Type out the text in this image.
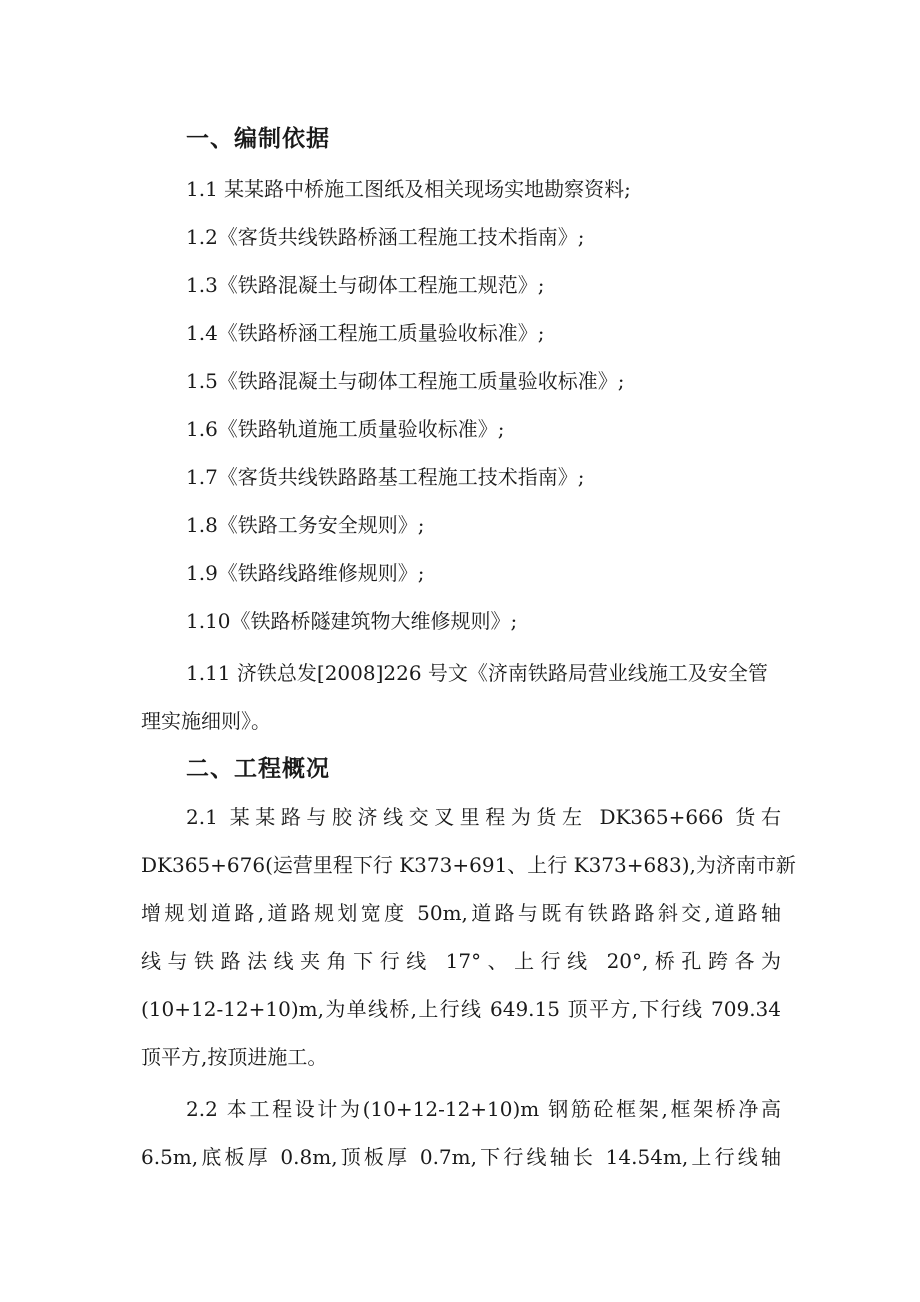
一、编制依据
1.1 某某路中桥施工图纸及相关现场实地勘察资料;
1.2《客货共线铁路桥涵工程施工技术指南》;
1.3《铁路混凝土与砌体工程施工规范》;
1.4《铁路桥涵工程施工质量验收标准》;
1.5《铁路混凝土与砌体工程施工质量验收标准》;
1.6《铁路轨道施工质量验收标准》;
1.7《客货共线铁路路基工程施工技术指南》;
1.8《铁路工务安全规则》;
1.9《铁路线路维修规则》;
1.10《铁路桥隧建筑物大维修规则》;
1.11 济铁总发[2008]226 号文《济南铁路局营业线施工及安全管
理实施细则》。
二、工程概况
2.1 某某路与胶济线交叉里程为货左 DK365+666 货右
DK365+676(运营里程下行 K373+691、上行 K373+683),为济南市新
增规划道路,道路规划宽度 50m,道路与既有铁路路斜交,道路轴
线与铁路法线夹角下行线 17°、上行线 20°,桥孔跨各为
(10+12-12+10)m,为单线桥,上行线 649.15 顶平方,下行线 709.34
顶平方,按顶进施工。
2.2 本工程设计为(10+12-12+10)m 钢筋砼框架,框架桥净高
6.5m,底板厚 0.8m,顶板厚 0.7m,下行线轴长 14.54m,上行线轴
